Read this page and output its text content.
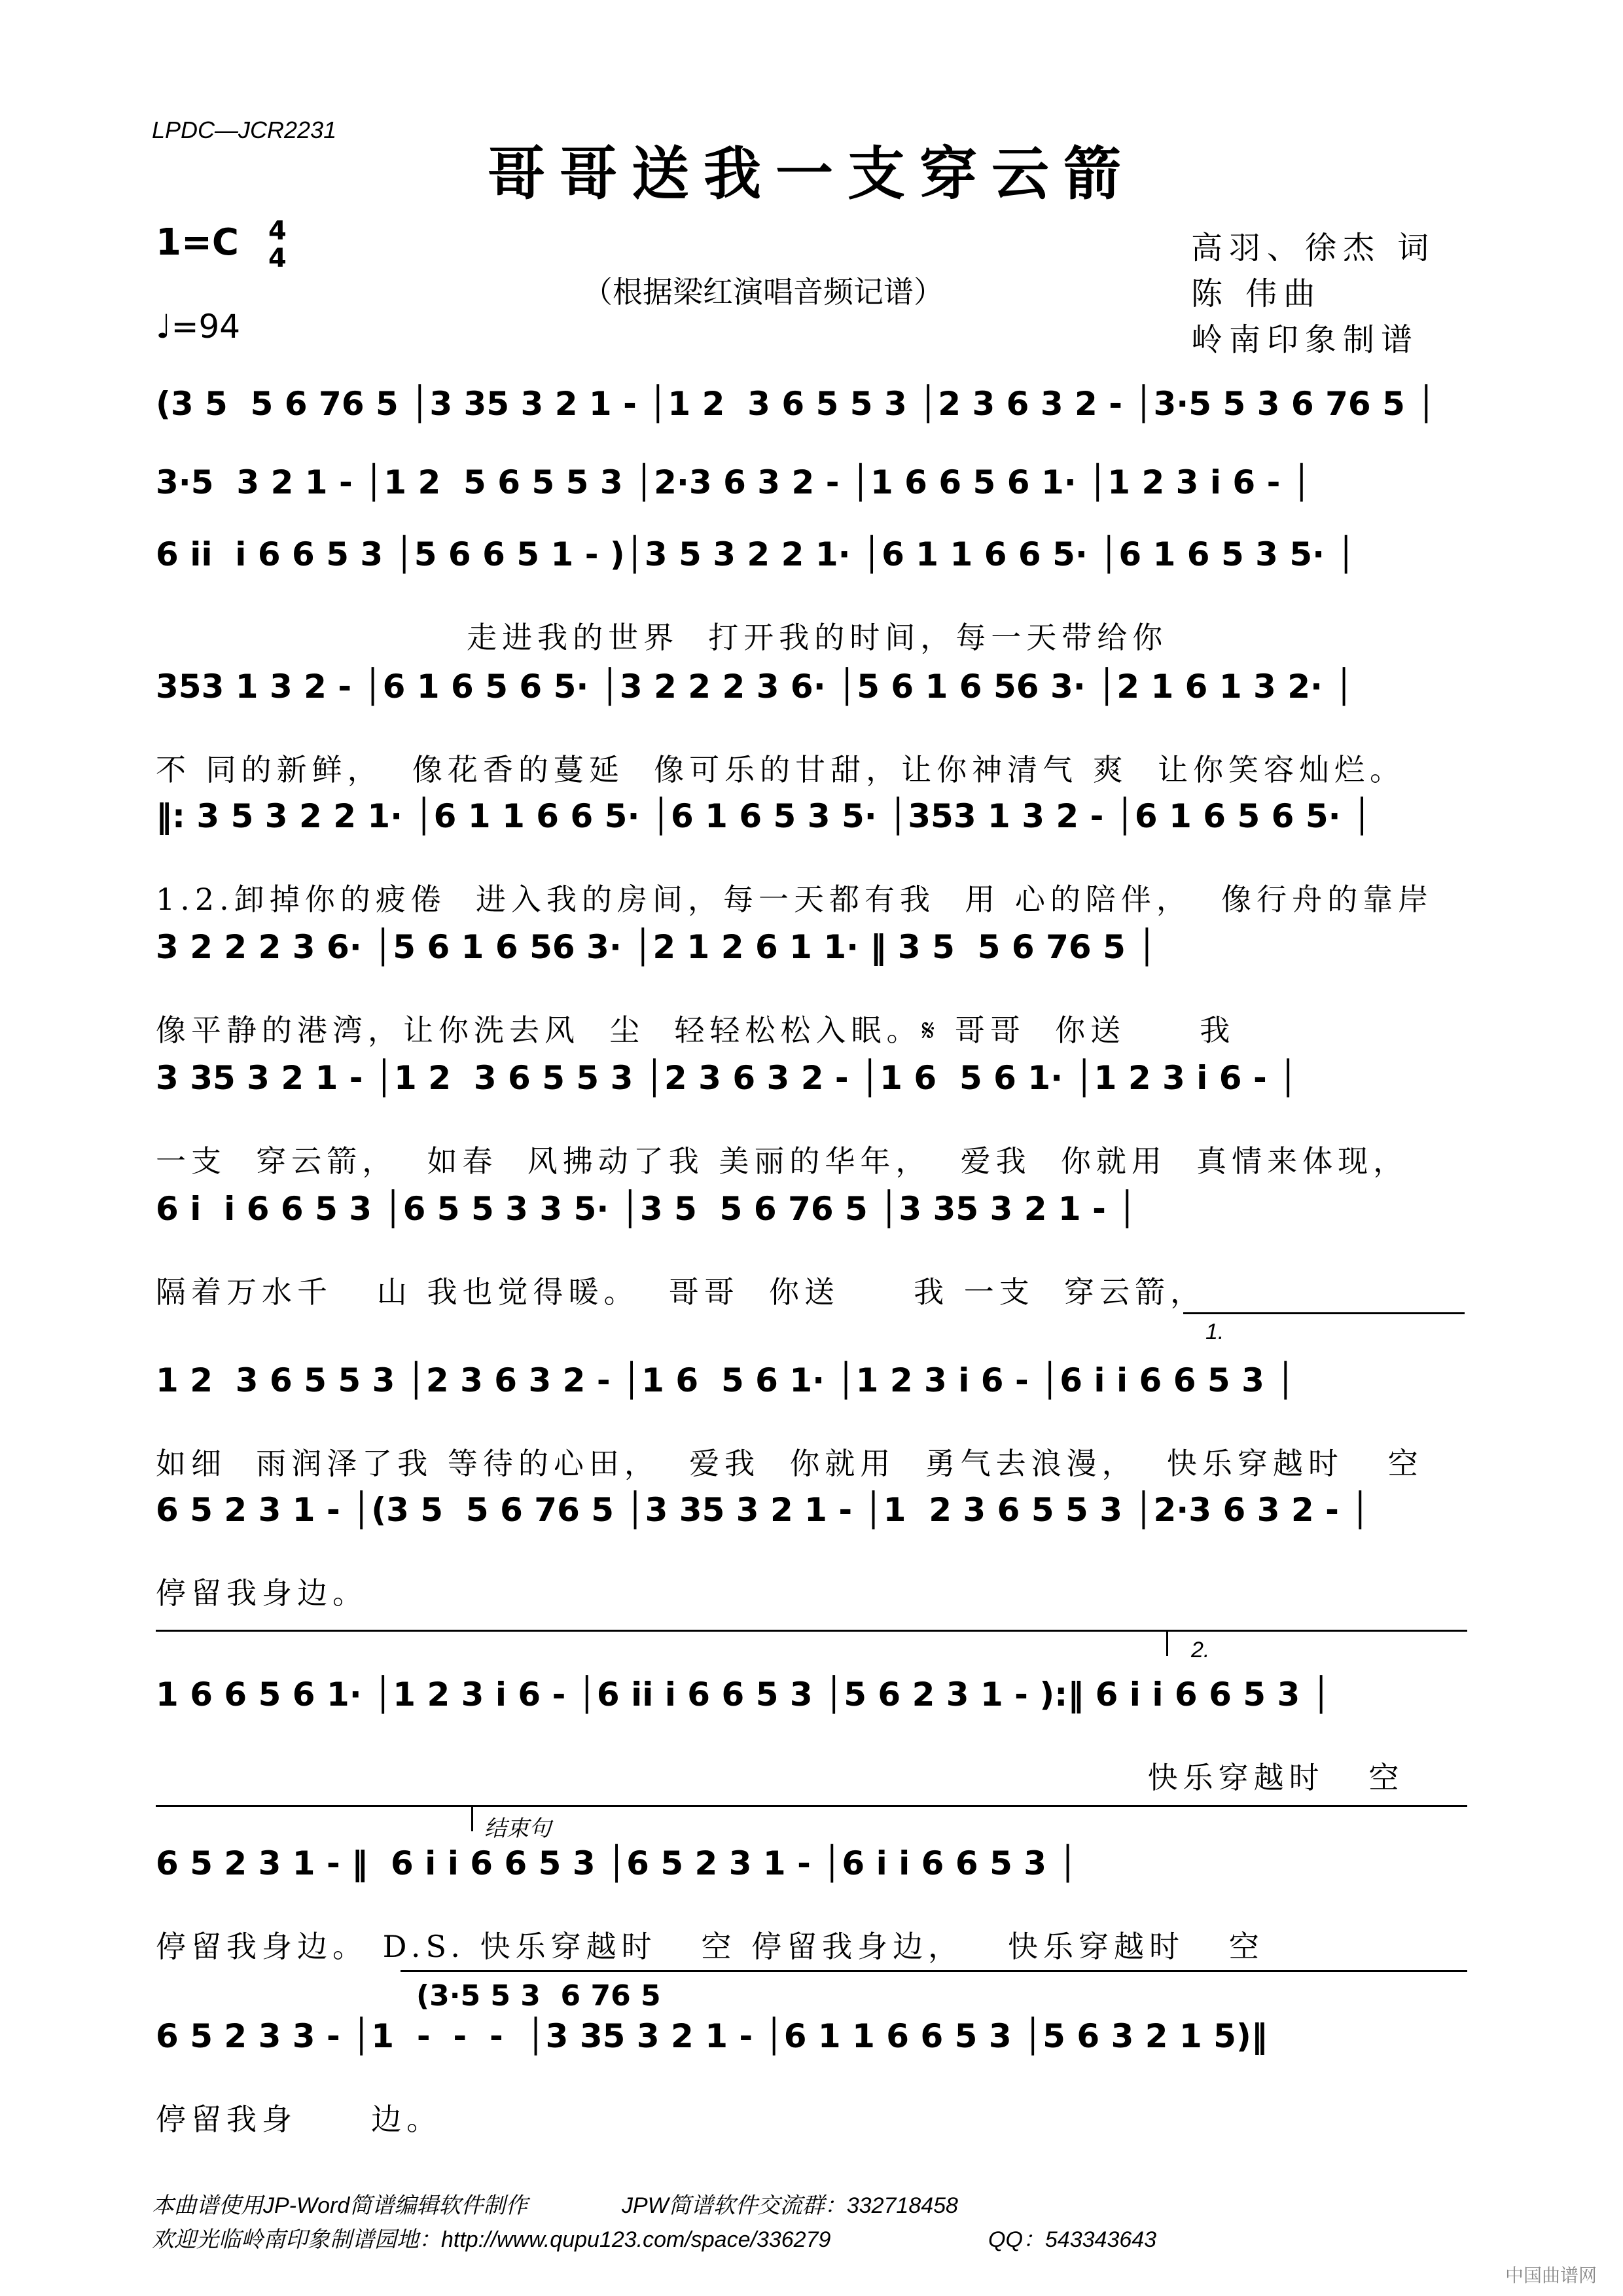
LPDC—JCR2231
哥哥送我一支穿云箭
1=C 4
4
♩=94
（根据梁红演唱音频记谱）
高羽、徐杰 词
陈 伟曲
岭南印象制谱
(3 5  5 6 76 5 │3 35 3 2 1 - │1 2  3 6 5 5 3 │2 3 6 3 2 - │3·5 5 3 6 76 5 │
3·5  3 2 1 - │1 2  5 6 5 5 3 │2·3 6 3 2 - │1 6 6 5 6 1· │1 2 3 i 6 - │
6 ii  i 6 6 5 3 │5 6 6 5 1 - )│3 5 3 2 2 1· │6 1 1 6 6 5· │6 1 6 5 3 5· │
走进我的世界  打开我的时间，每一天带给你
353 1 3 2 - │6 1 6 5 6 5· │3 2 2 2 3 6· │5 6 1 6 56 3· │2 1 6 1 3 2· │
不 同的新鲜，  像花香的蔓延  像可乐的甘甜，让你神清气 爽  让你笑容灿烂。
‖: 3 5 3 2 2 1· │6 1 1 6 6 5· │6 1 6 5 3 5· │353 1 3 2 - │6 1 6 5 6 5· │
1.2.卸掉你的疲倦  进入我的房间，每一天都有我  用 心的陪伴，  像行舟的靠岸
3 2 2 2 3 6· │5 6 1 6 56 3· │2 1 2 6 1 1· ‖ 3 5  5 6 76 5 │
像平静的港湾，让你洗去风  尘  轻轻松松入眠。𝄋 哥哥  你送     我
3 35 3 2 1 - │1 2  3 6 5 5 3 │2 3 6 3 2 - │1 6  5 6 1· │1 2 3 i 6 - │
一支  穿云箭，  如春  风拂动了我 美丽的华年，  爱我  你就用  真情来体现，
6 i  i 6 6 5 3 │6 5 5 3 3 5· │3 5  5 6 76 5 │3 35 3 2 1 - │
隔着万水千   山 我也觉得暖。  哥哥  你送     我 一支  穿云箭，
1.
1 2  3 6 5 5 3 │2 3 6 3 2 - │1 6  5 6 1· │1 2 3 i 6 - │6 i i 6 6 5 3 │
如细  雨润泽了我 等待的心田，  爱我  你就用  勇气去浪漫，  快乐穿越时   空
6 5 2 3 1 - │(3 5  5 6 76 5 │3 35 3 2 1 - │1  2 3 6 5 5 3 │2·3 6 3 2 - │
停留我身边。
2.
1 6 6 5 6 1· │1 2 3 i 6 - │6 ii i 6 6 5 3 │5 6 2 3 1 - ):‖ 6 i i 6 6 5 3 │
快乐穿越时   空
结束句
6 5 2 3 1 - ‖  6 i i 6 6 5 3 │6 5 2 3 1 - │6 i i 6 6 5 3 │
停留我身边。 D.S. 快乐穿越时   空 停留我身边，   快乐穿越时   空
(3·5 5 3  6 76 5
6 5 2 3 3 - │1  -  -  -  │3 35 3 2 1 - │6 1 1 6 6 5 3 │5 6 3 2 1 5)‖
停留我身     边。
本曲谱使用JP-Word简谱编辑软件制作	JPW简谱软件交流群：332718458
欢迎光临岭南印象制谱园地：http://www.qupu123.com/space/336279	QQ：543343643
中国曲谱网
